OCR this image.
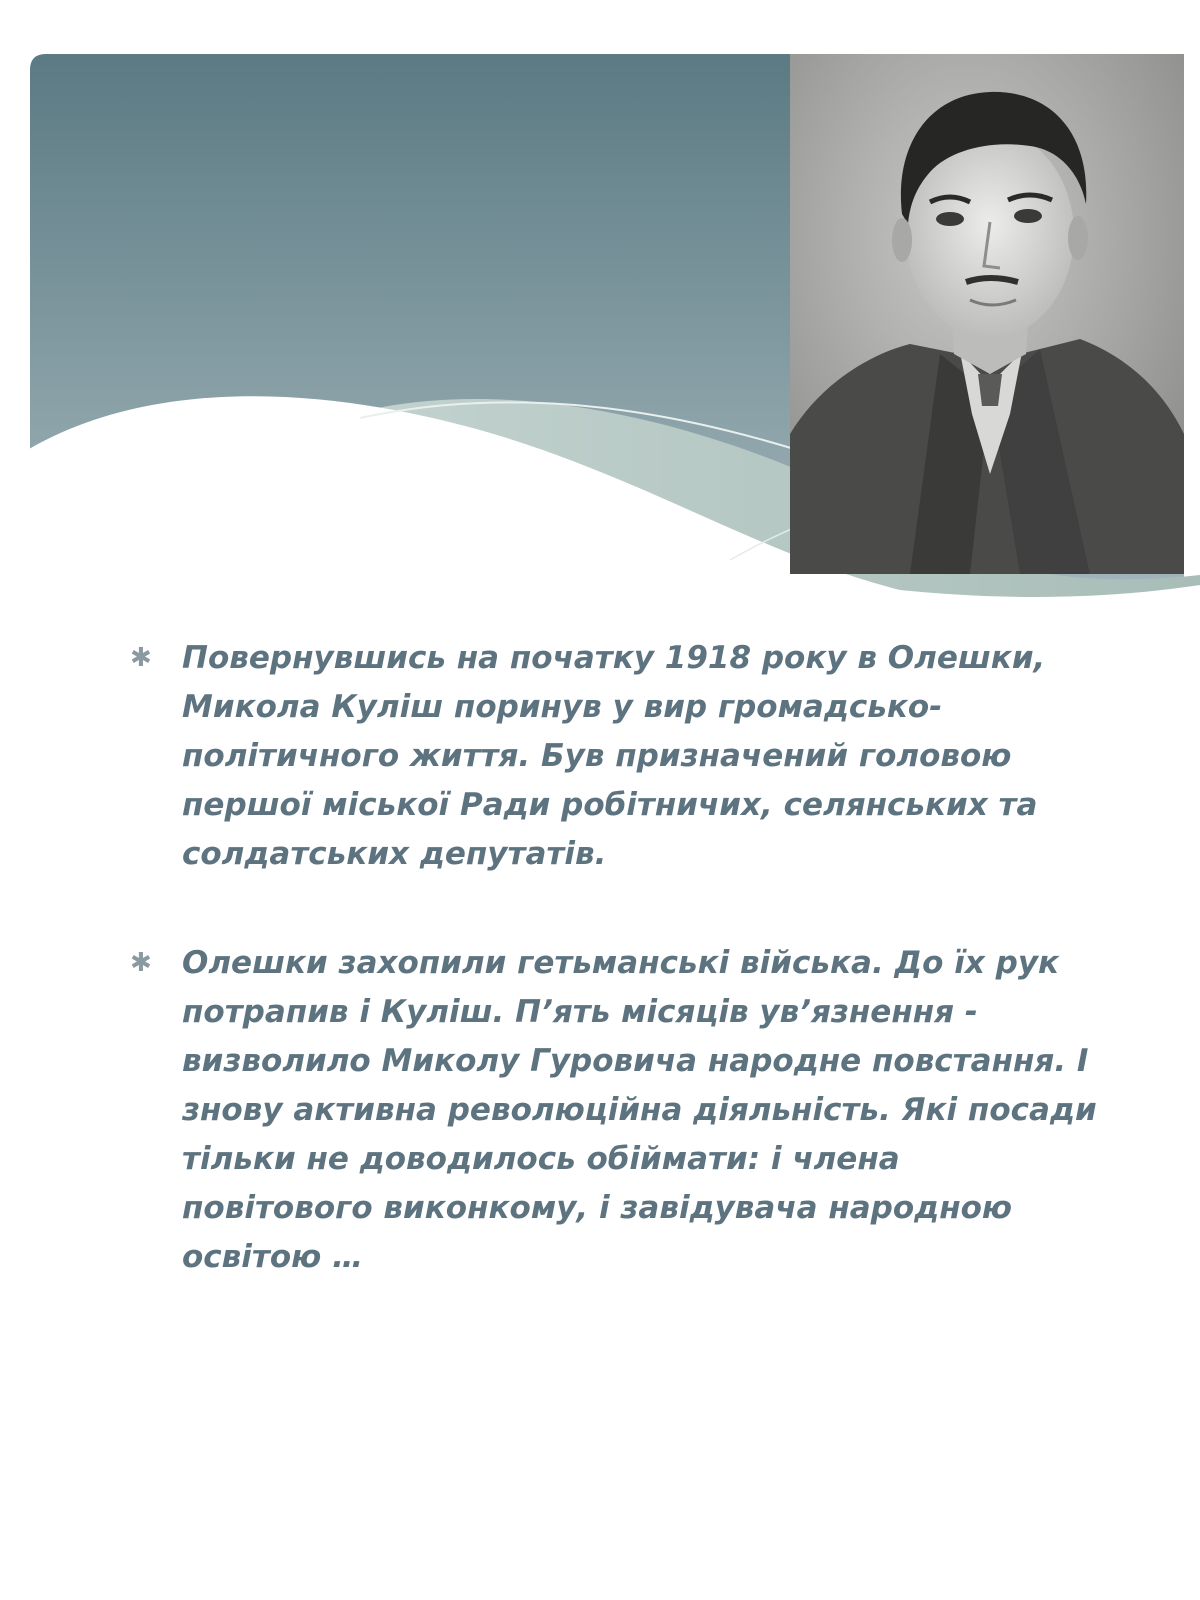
✱ Повернувшись на початку 1918 року в Олешки, Микола Куліш поринув у вир громадсько-політичного життя. Був призначений головою першої міської Ради робітничих, селянських та солдатських депутатів.
✱ Олешки захопили гетьманські війська. До їх рук потрапив і Куліш. П’ять місяців ув’язнення - визволило Миколу Гуровича народне повстання. І знову активна революційна діяльність. Які посади тільки не доводилось обіймати: і члена повітового виконкому, і завідувача народною освітою …
